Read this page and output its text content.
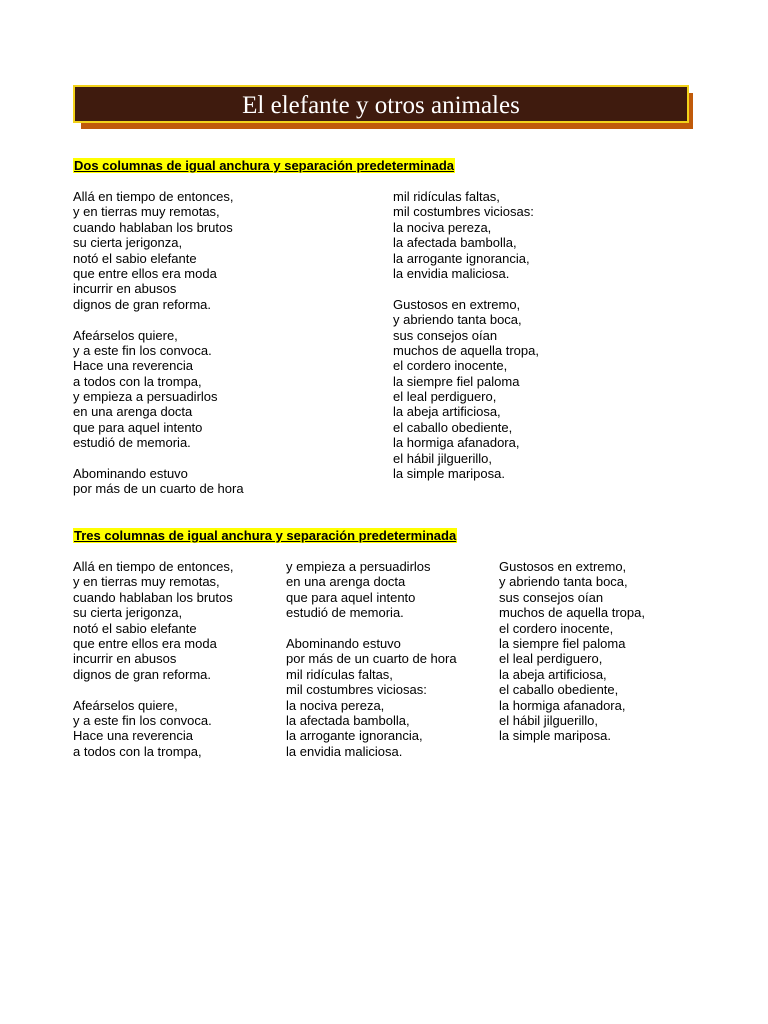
El elefante y otros animales
Dos columnas de igual anchura y separación predeterminada
Allá en tiempo de entonces,
y en tierras muy remotas,
cuando hablaban los brutos
su cierta jerigonza,
notó el sabio elefante
que entre ellos era moda
incurrir en abusos
dignos de gran reforma.
Afeárselos quiere,
y a este fin los convoca.
Hace una reverencia
a todos con la trompa,
y empieza a persuadirlos
en una arenga docta
que para aquel intento
estudió de memoria.
Abominando estuvo
por más de un cuarto de hora
mil ridículas faltas,
mil costumbres viciosas:
la nociva pereza,
la afectada bambolla,
la arrogante ignorancia,
la envidia maliciosa.
Gustosos en extremo,
y abriendo tanta boca,
sus consejos oían
muchos de aquella tropa,
el cordero inocente,
la siempre fiel paloma
el leal perdiguero,
la abeja artificiosa,
el caballo obediente,
la hormiga afanadora,
el hábil jilguerillo,
la simple mariposa.
Tres columnas de igual anchura y separación predeterminada
Allá en tiempo de entonces,
y en tierras muy remotas,
cuando hablaban los brutos
su cierta jerigonza,
notó el sabio elefante
que entre ellos era moda
incurrir en abusos
dignos de gran reforma.
Afeárselos quiere,
y a este fin los convoca.
Hace una reverencia
a todos con la trompa,
y empieza a persuadirlos
en una arenga docta
que para aquel intento
estudió de memoria.
Abominando estuvo
por más de un cuarto de hora
mil ridículas faltas,
mil costumbres viciosas:
la nociva pereza,
la afectada bambolla,
la arrogante ignorancia,
la envidia maliciosa.
Gustosos en extremo,
y abriendo tanta boca,
sus consejos oían
muchos de aquella tropa,
el cordero inocente,
la siempre fiel paloma
el leal perdiguero,
la abeja artificiosa,
el caballo obediente,
la hormiga afanadora,
el hábil jilguerillo,
la simple mariposa.
